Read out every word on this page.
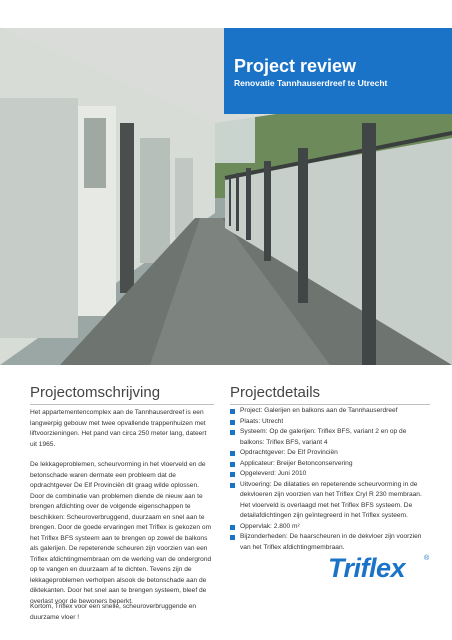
Project review

Renovatie Tannhauserdreef te Utrecht

Projectomschrijving

Het appartementencomplex aan de Tannhauserdreef is een langwerpig gebouw met twee opvallende trappenhuizen met liftvoorzieningen. Het pand van circa 250 meter lang, dateert uit 1965.

De lekkageproblemen, scheurvorming in het vloerveld en de betonschade waren dermate een probleem dat de opdrachtgever De Elf Provinciën dit graag wilde oplossen. Door de combinatie van problemen diende de nieuw aan te brengen afdichting over de volgende eigenschappen te beschikken: Scheuroverbruggend, duurzaam en snel aan te brengen. Door de goede ervaringen met Triflex is gekozen om het Triflex BFS systeem aan te brengen op zowel de balkons als galerijen. De repeterende scheuren zijn voorzien van een Triflex afdichtingmembraan om de werking van de ondergrond op te vangen en duurzaam af te dichten. Tevens zijn de lekkageproblemen verholpen alsook de betonschade aan de diktekanten. Door het snel aan te brengen systeem, bleef de overlast voor de bewoners beperkt.

Kortom, Triflex voor een snelle, scheuroverbruggende en duurzame vloer !

Projectdetails
Project: Galerijen en balkons aan de Tannhauserdreef
Plaats: Utrecht
Systeem: Op de galerijen: Triflex BFS, variant 2 en op de balkons: Triflex BFS, variant 4
Opdrachtgever: De Elf Provinciën
Applicateur: Breijer Betonconservering
Opgeleverd: Juni 2010
Uitvoering: De dilataties en repeterende scheurvorming in de dekvloeren zijn voorzien van het Triflex Cryl R 230 membraan. Het vloerveld is overlaagd met het Triflex BFS systeem. De detailafdichtingen zijn geïntegreerd in het Triflex systeem.
Oppervlak: 2.800 m²
Bijzonderheden: De haarscheuren in de dekvloer zijn voorzien van het Triflex afdichtingmembraan.
Triflex	®
